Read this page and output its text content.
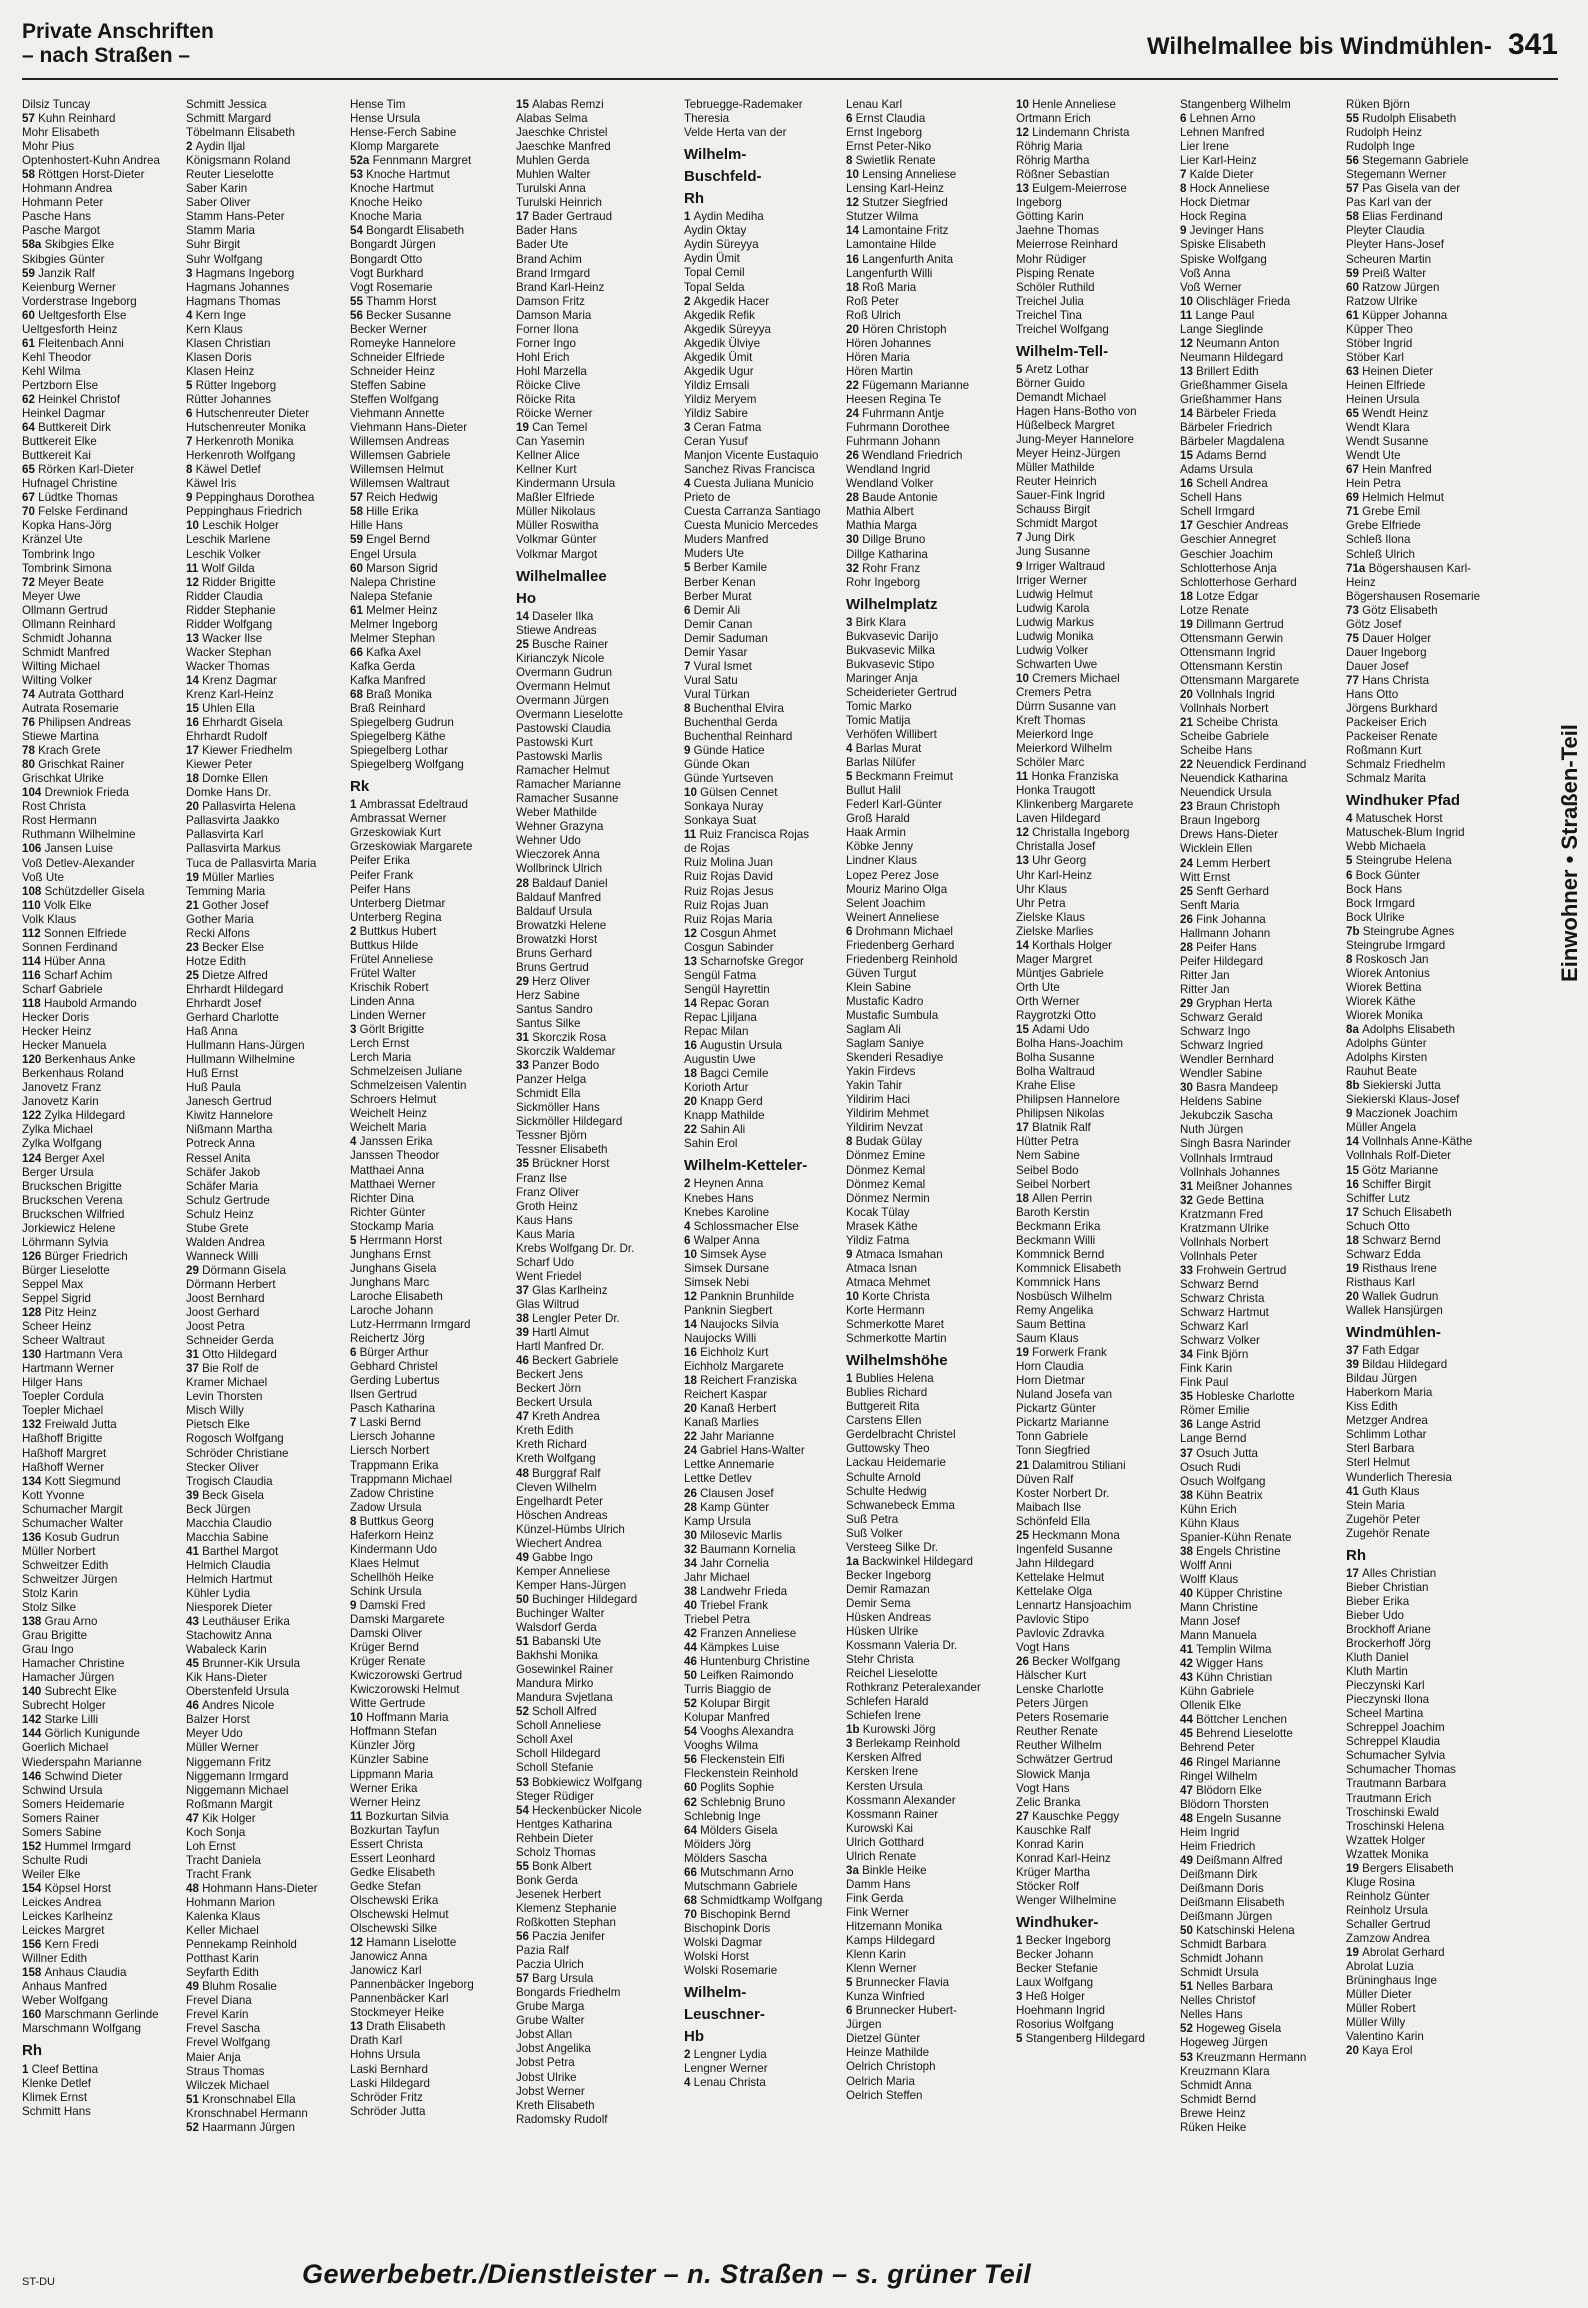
Private Anschriften
– nach Straßen –	Wilhelmallee bis Windmühlen- 341
Dilsiz Tuncay
57 Kuhn Reinhard
Mohr Elisabeth
Mohr Pius
Optenhostert-Kuhn Andrea
58 Röttgen Horst-Dieter
Hohmann Andrea
Hohmann Peter
Pasche Hans
Pasche Margot
58a Skibgies Elke
Skibgies Günter
59 Janzik Ralf
Keienburg Werner
Vorderstrase Ingeborg
60 Ueltgesforth Else
Ueltgesforth Heinz
61 Fleitenbach Anni
Kehl Theodor
Kehl Wilma
Pertzborn Else
62 Heinkel Christof
Heinkel Dagmar
64 Buttkereit Dirk
Buttkereit Elke
Buttkereit Kai
65 Rörken Karl-Dieter
Hufnagel Christine
67 Lüdtke Thomas
70 Felske Ferdinand
Kopka Hans-Jörg
Kränzel Ute
Tombrink Ingo
Tombrink Simona
72 Meyer Beate
Meyer Uwe
Ollmann Gertrud
Ollmann Reinhard
Schmidt Johanna
Schmidt Manfred
Wilting Michael
Wilting Volker
74 Autrata Gotthard
Autrata Rosemarie
76 Philipsen Andreas
Stiewe Martina
78 Krach Grete
80 Grischkat Rainer
Grischkat Ulrike
104 Drewniok Frieda
Rost Christa
Rost Hermann
Ruthmann Wilhelmine
106 Jansen Luise
Voß Detlev-Alexander
Voß Ute
108 Schützdeller Gisela
110 Volk Elke
Volk Klaus
112 Sonnen Elfriede
Sonnen Ferdinand
114 Hüber Anna
116 Scharf Achim
Scharf Gabriele
118 Haubold Armando
Hecker Doris
Hecker Heinz
Hecker Manuela
120 Berkenhaus Anke
Berkenhaus Roland
Janovetz Franz
Janovetz Karin
122 Zylka Hildegard
Zylka Michael
Zylka Wolfgang
124 Berger Axel
Berger Ursula
Bruckschen Brigitte
Bruckschen Verena
Bruckschen Wilfried
Jorkiewicz Helene
Löhrmann Sylvia
126 Bürger Friedrich
Bürger Lieselotte
Seppel Max
Seppel Sigrid
128 Pitz Heinz
Scheer Heinz
Scheer Waltraut
130 Hartmann Vera
Hartmann Werner
Hilger Hans
Toepler Cordula
Toepler Michael
132 Freiwald Jutta
Haßhoff Brigitte
Haßhoff Margret
Haßhoff Werner
134 Kott Siegmund
Kott Yvonne
Schumacher Margit
Schumacher Walter
136 Kosub Gudrun
Müller Norbert
Schweitzer Edith
Schweitzer Jürgen
Stolz Karin
Stolz Silke
138 Grau Arno
Grau Brigitte
Grau Ingo
Hamacher Christine
Hamacher Jürgen
140 Subrecht Elke
Subrecht Holger
142 Starke Lilli
144 Görlich Kunigunde
Goerlich Michael
Wiederspahn Marianne
146 Schwind Dieter
Schwind Ursula
Somers Heidemarie
Somers Rainer
Somers Sabine
152 Hummel Irmgard
Schulte Rudi
Weiler Elke
154 Köpsel Horst
Leickes Andrea
Leickes Karlheinz
Leickes Margret
156 Kern Fredi
Willner Edith
158 Anhaus Claudia
Anhaus Manfred
Weber Wolfgang
160 Marschmann Gerlinde
Marschmann Wolfgang
Rh
1 Cleef Bettina
Klenke Detlef
Klimek Ernst
Schmitt Hans
Schmitt Jessica
Schmitt Margard
Töbelmann Elisabeth
2 Aydin Iljal
Königsmann Roland
Reuter Lieselotte
Saber Karin
Saber Oliver
Stamm Hans-Peter
Stamm Maria
Suhr Birgit
Suhr Wolfgang
3 Hagmans Ingeborg
Hagmans Johannes
Hagmans Thomas
4 Kern Inge
Kern Klaus
Klasen Christian
Klasen Doris
Klasen Heinz
5 Rütter Ingeborg
Rütter Johannes
6 Hutschenreuter Dieter
Hutschenreuter Monika
7 Herkenroth Monika
Herkenroth Wolfgang
8 Käwel Detlef
Käwel Iris
9 Peppinghaus Dorothea
Peppinghaus Friedrich
10 Leschik Holger
Leschik Marlene
Leschik Volker
11 Wolf Gilda
12 Ridder Brigitte
Ridder Claudia
Ridder Stephanie
Ridder Wolfgang
13 Wacker Ilse
Wacker Stephan
Wacker Thomas
14 Krenz Dagmar
Krenz Karl-Heinz
15 Uhlen Ella
16 Ehrhardt Gisela
Ehrhardt Rudolf
17 Kiewer Friedhelm
Kiewer Peter
18 Domke Ellen
Domke Hans Dr.
20 Pallasvirta Helena
Pallasvirta Jaakko
Pallasvirta Karl
Pallasvirta Markus
Tuca de Pallasvirta Maria
19 Müller Marlies
Temming Maria
21 Gother Josef
Gother Maria
Recki Alfons
23 Becker Else
Hotze Edith
25 Dietze Alfred
Ehrhardt Hildegard
Ehrhardt Josef
Gerhard Charlotte
Haß Anna
Hullmann Hans-Jürgen
Hullmann Wilhelmine
Huß Ernst
Huß Paula
Janesch Gertrud
Kiwitz Hannelore
Nißmann Martha
Potreck Anna
Ressel Anita
Schäfer Jakob
Schäfer Maria
Schulz Gertrude
Schulz Heinz
Stube Grete
Walden Andrea
Wanneck Willi
29 Dörmann Gisela
Dörmann Herbert
Joost Bernhard
Joost Gerhard
Joost Petra
Schneider Gerda
31 Otto Hildegard
37 Bie Rolf de
Kramer Michael
Levin Thorsten
Misch Willy
Pietsch Elke
Rogosch Wolfgang
Schröder Christiane
Stecker Oliver
Trogisch Claudia
39 Beck Gisela
Beck Jürgen
Macchia Claudio
Macchia Sabine
41 Barthel Margot
Helmich Claudia
Helmich Hartmut
Kühler Lydia
Niesporek Dieter
43 Leuthäuser Erika
Stachowitz Anna
Wabaleck Karin
45 Brunner-Kik Ursula
Kik Hans-Dieter
Oberstenfeld Ursula
46 Andres Nicole
Balzer Horst
Meyer Udo
Müller Werner
Niggemann Fritz
Niggemann Irmgard
Niggemann Michael
Roßmann Margit
47 Kik Holger
Koch Sonja
Loh Ernst
Tracht Daniela
Tracht Frank
48 Hohmann Hans-Dieter
Hohmann Marion
Kalenka Klaus
Keller Michael
Pennekamp Reinhold
Potthast Karin
Seyfarth Edith
49 Bluhm Rosalie
Frevel Diana
Frevel Karin
Frevel Sascha
Frevel Wolfgang
Maier Anja
Straus Thomas
Wilczek Michael
51 Kronschnabel Ella
Kronschnabel Hermann
52 Haarmann Jürgen
Hense Tim
Hense Ursula
Hense-Ferch Sabine
Klomp Margarete
52a Fennmann Margret
53 Knoche Hartmut
Knoche Hartmut
Knoche Heiko
Knoche Maria
54 Bongardt Elisabeth
Bongardt Jürgen
Bongardt Otto
Vogt Burkhard
Vogt Rosemarie
55 Thamm Horst
56 Becker Susanne
Becker Werner
Romeyke Hannelore
Schneider Elfriede
Schneider Heinz
Steffen Sabine
Steffen Wolfgang
Viehmann Annette
Viehmann Hans-Dieter
Willemsen Andreas
Willemsen Gabriele
Willemsen Helmut
Willemsen Waltraut
57 Reich Hedwig
58 Hille Erika
Hille Hans
59 Engel Bernd
Engel Ursula
60 Marson Sigrid
Nalepa Christine
Nalepa Stefanie
61 Melmer Heinz
Melmer Ingeborg
Melmer Stephan
66 Kafka Axel
Kafka Gerda
Kafka Manfred
68 Braß Monika
Braß Reinhard
Spiegelberg Gudrun
Spiegelberg Käthe
Spiegelberg Lothar
Spiegelberg Wolfgang
Rk
1 Ambrassat Edeltraud
Ambrassat Werner
Grzeskowiak Kurt
Grzeskowiak Margarete
Peifer Erika
Peifer Frank
Peifer Hans
Unterberg Dietmar
Unterberg Regina
2 Buttkus Hubert
Buttkus Hilde
Frütel Anneliese
Frütel Walter
Krischik Robert
Linden Anna
Linden Werner
3 Görlt Brigitte
Lerch Ernst
Lerch Maria
Schmelzeisen Juliane
Schmelzeisen Valentin
Schroers Helmut
Weichelt Heinz
Weichelt Maria
4 Janssen Erika
Janssen Theodor
Matthaei Anna
Matthaei Werner
Richter Dina
Richter Günter
Stockamp Maria
5 Herrmann Horst
Junghans Ernst
Junghans Gisela
Junghans Marc
Laroche Elisabeth
Laroche Johann
Lutz-Herrmann Irmgard
Reichertz Jörg
6 Bürger Arthur
Gebhard Christel
Gerding Lubertus
Ilsen Gertrud
Pasch Katharina
7 Laski Bernd
Liersch Johanne
Liersch Norbert
Trappmann Erika
Trappmann Michael
Zadow Christine
Zadow Ursula
8 Buttkus Georg
Haferkorn Heinz
Kindermann Udo
Klaes Helmut
Schellhöh Heike
Schink Ursula
9 Damski Fred
Damski Margarete
Damski Oliver
Krüger Bernd
Krüger Renate
Kwiczorowski Gertrud
Kwiczorowski Helmut
Witte Gertrude
10 Hoffmann Maria
Hoffmann Stefan
Künzler Jörg
Künzler Sabine
Lippmann Maria
Werner Erika
Werner Heinz
11 Bozkurtan Silvia
Bozkurtan Tayfun
Essert Christa
Essert Leonhard
Gedke Elisabeth
Gedke Stefan
Olschewski Erika
Olschewski Helmut
Olschewski Silke
12 Hamann Liselotte
Janowicz Anna
Janowicz Karl
Pannenbäcker Ingeborg
Pannenbäcker Karl
Stockmeyer Heike
13 Drath Elisabeth
Drath Karl
Hohns Ursula
Laski Bernhard
Laski Hildegard
Schröder Fritz
Schröder Jutta
15 Alabas Remzi
Alabas Selma
Jaeschke Christel
Jaeschke Manfred
Muhlen Gerda
Muhlen Walter
Turulski Anna
Turulski Heinrich
17 Bader Gertraud
Bader Hans
Bader Ute
Brand Achim
Brand Irmgard
Brand Karl-Heinz
Damson Fritz
Damson Maria
Forner Ilona
Forner Ingo
Hohl Erich
Hohl Marzella
Röicke Clive
Röicke Rita
Röicke Werner
19 Can Temel
Can Yasemin
Kellner Alice
Kellner Kurt
Kindermann Ursula
Maßler Elfriede
Müller Nikolaus
Müller Roswitha
Volkmar Günter
Volkmar Margot
Wilhelmallee
Ho
14 Daseler Ilka
Stiewe Andreas
25 Busche Rainer
Kirianczyk Nicole
Overmann Gudrun
Overmann Helmut
Overmann Jürgen
Overmann Lieselotte
Pastowski Claudia
Pastowski Kurt
Pastowski Marlis
Ramacher Helmut
Ramacher Marianne
Ramacher Susanne
Weber Mathilde
Wehner Grazyna
Wehner Udo
Wieczorek Anna
Wollbrinck Ulrich
28 Baldauf Daniel
Baldauf Manfred
Baldauf Ursula
Browatzki Helene
Browatzki Horst
Bruns Gerhard
Bruns Gertrud
29 Herz Oliver
Herz Sabine
Santus Sandro
Santus Silke
31 Skorczik Rosa
Skorczik Waldemar
33 Panzer Bodo
Panzer Helga
Schmidt Ella
Sickmöller Hans
Sickmöller Hildegard
Tessner Björn
Tessner Elisabeth
35 Brückner Horst
Franz Ilse
Franz Oliver
Groth Heinz
Kaus Hans
Kaus Maria
Krebs Wolfgang Dr. Dr.
Scharf Udo
Went Friedel
37 Glas Karlheinz
Glas Wiltrud
38 Lengler Peter Dr.
39 Hartl Almut
Hartl Manfred Dr.
46 Beckert Gabriele
Beckert Jens
Beckert Jörn
Beckert Ursula
47 Kreth Andrea
Kreth Edith
Kreth Richard
Kreth Wolfgang
48 Burggraf Ralf
Cleven Wilhelm
Engelhardt Peter
Höschen Andreas
Künzel-Hümbs Ulrich
Wiechert Andrea
49 Gabbe Ingo
Kemper Anneliese
Kemper Hans-Jürgen
50 Buchinger Hildegard
Buchinger Walter
Walsdorf Gerda
51 Babanski Ute
Bakhshi Monika
Gosewinkel Rainer
Mandura Mirko
Mandura Svjetlana
52 Scholl Alfred
Scholl Anneliese
Scholl Axel
Scholl Hildegard
Scholl Stefanie
53 Bobkiewicz Wolfgang
Steger Rüdiger
54 Heckenbücker Nicole
Hentges Katharina
Rehbein Dieter
Scholz Thomas
55 Bonk Albert
Bonk Gerda
Jesenek Herbert
Klemenz Stephanie
Roßkotten Stephan
56 Paczia Jenifer
Pazia Ralf
Paczia Ulrich
57 Barg Ursula
Bongards Friedhelm
Grube Marga
Grube Walter
Jobst Allan
Jobst Angelika
Jobst Petra
Jobst Ulrike
Jobst Werner
Kreth Elisabeth
Radomsky Rudolf
Tebruegge-Rademaker
Theresia
Velde Herta van der
Wilhelm-
Buschfeld-
Rh
1 Aydin Mediha
Aydin Oktay
Aydin Süreyya
Aydin Ümit
Topal Cemil
Topal Selda
2 Akgedik Hacer
Akgedik Refik
Akgedik Süreyya
Akgedik Ülviye
Akgedik Ümit
Akgedik Ugur
Yildiz Emsali
Yildiz Meryem
Yildiz Sabire
3 Ceran Fatma
Ceran Yusuf
Manjon Vicente Eustaquio
Sanchez Rivas Francisca
4 Cuesta Juliana Municio
Prieto de
Cuesta Carranza Santiago
Cuesta Municio Mercedes
Muders Manfred
Muders Ute
5 Berber Kamile
Berber Kenan
Berber Murat
6 Demir Ali
Demir Canan
Demir Saduman
Demir Yasar
7 Vural Ismet
Vural Satu
Vural Türkan
8 Buchenthal Elvira
Buchenthal Gerda
Buchenthal Reinhard
9 Günde Hatice
Günde Okan
Günde Yurtseven
10 Gülsen Cennet
Sonkaya Nuray
Sonkaya Suat
11 Ruiz Francisca Rojas
de Rojas
Ruiz Molina Juan
Ruiz Rojas David
Ruiz Rojas Jesus
Ruiz Rojas Juan
Ruiz Rojas Maria
12 Cosgun Ahmet
Cosgun Sabinder
13 Scharnofske Gregor
Sengül Fatma
Sengül Hayrettin
14 Repac Goran
Repac Ljiljana
Repac Milan
16 Augustin Ursula
Augustin Uwe
18 Bagci Cemile
Korioth Artur
20 Knapp Gerd
Knapp Mathilde
22 Sahin Ali
Sahin Erol
Wilhelm-Ketteler-
2 Heynen Anna
Knebes Hans
Knebes Karoline
4 Schlossmacher Else
6 Walper Anna
10 Simsek Ayse
Simsek Dursane
Simsek Nebi
12 Panknin Brunhilde
Panknin Siegbert
14 Naujocks Silvia
Naujocks Willi
16 Eichholz Kurt
Eichholz Margarete
18 Reichert Franziska
Reichert Kaspar
20 Kanaß Herbert
Kanaß Marlies
22 Jahr Marianne
24 Gabriel Hans-Walter
Lettke Annemarie
Lettke Detlev
26 Clausen Josef
28 Kamp Günter
Kamp Ursula
30 Milosevic Marlis
32 Baumann Kornelia
34 Jahr Cornelia
Jahr Michael
38 Landwehr Frieda
40 Triebel Frank
Triebel Petra
42 Franzen Anneliese
44 Kämpkes Luise
46 Huntenburg Christine
50 Leifken Raimondo
Turris Biaggio de
52 Kolupar Birgit
Kolupar Manfred
54 Vooghs Alexandra
Vooghs Wilma
56 Fleckenstein Elfi
Fleckenstein Reinhold
60 Poglits Sophie
62 Schlebnig Bruno
Schlebnig Inge
64 Mölders Gisela
Mölders Jörg
Mölders Sascha
66 Mutschmann Arno
Mutschmann Gabriele
68 Schmidtkamp Wolfgang
70 Bischopink Bernd
Bischopink Doris
Wolski Dagmar
Wolski Horst
Wolski Rosemarie
Wilhelm-
Leuschner-
Hb
2 Lengner Lydia
Lengner Werner
4 Lenau Christa
Lenau Karl
6 Ernst Claudia
Ernst Ingeborg
Ernst Peter-Niko
8 Swietlik Renate
10 Lensing Anneliese
Lensing Karl-Heinz
12 Stutzer Siegfried
Stutzer Wilma
14 Lamontaine Fritz
Lamontaine Hilde
16 Langenfurth Anita
Langenfurth Willi
18 Roß Maria
Roß Peter
Roß Ulrich
20 Hören Christoph
Hören Johannes
Hören Maria
Hören Martin
22 Fügemann Marianne
Heesen Regina Te
24 Fuhrmann Antje
Fuhrmann Dorothee
Fuhrmann Johann
26 Wendland Friedrich
Wendland Ingrid
Wendland Volker
28 Baude Antonie
Mathia Albert
Mathia Marga
30 Dillge Bruno
Dillge Katharina
32 Rohr Franz
Rohr Ingeborg
Wilhelmplatz
3 Birk Klara
Bukvasevic Darijo
Bukvasevic Milka
Bukvasevic Stipo
Maringer Anja
Scheiderieter Gertrud
Tomic Marko
Tomic Matija
Verhöfen Willibert
4 Barlas Murat
Barlas Nilüfer
5 Beckmann Freimut
Bullut Halil
Federl Karl-Günter
Groß Harald
Haak Armin
Köbke Jenny
Lindner Klaus
Lopez Perez Jose
Mouriz Marino Olga
Selent Joachim
Weinert Anneliese
6 Drohmann Michael
Friedenberg Gerhard
Friedenberg Reinhold
Güven Turgut
Klein Sabine
Mustafic Kadro
Mustafic Sumbula
Saglam Ali
Saglam Saniye
Skenderi Resadiye
Yakin Firdevs
Yakin Tahir
Yildirim Haci
Yildirim Mehmet
Yildirim Nevzat
8 Budak Gülay
Dönmez Emine
Dönmez Kemal
Dönmez Kemal
Dönmez Nermin
Kocak Tülay
Mrasek Käthe
Yildiz Fatma
9 Atmaca Ismahan
Atmaca Isnan
Atmaca Mehmet
10 Korte Christa
Korte Hermann
Schmerkotte Maret
Schmerkotte Martin
Wilhelmshöhe
1 Bublies Helena
Bublies Richard
Buttgereit Rita
Carstens Ellen
Gerdelbracht Christel
Guttowsky Theo
Lackau Heidemarie
Schulte Arnold
Schulte Hedwig
Schwanebeck Emma
Suß Petra
Suß Volker
Versteeg Silke Dr.
1a Backwinkel Hildegard
Becker Ingeborg
Demir Ramazan
Demir Sema
Hüsken Andreas
Hüsken Ulrike
Kossmann Valeria Dr.
Stehr Christa
Reichel Lieselotte
Rothkranz Peteralexander
Schlefen Harald
Schiefen Irene
1b Kurowski Jörg
3 Berlekamp Reinhold
Kersken Alfred
Kersken Irene
Kersten Ursula
Kossmann Alexander
Kossmann Rainer
Kurowski Kai
Ulrich Gotthard
Ulrich Renate
3a Binkle Heike
Damm Hans
Fink Gerda
Fink Werner
Hitzemann Monika
Kamps Hildegard
Klenn Karin
Klenn Werner
5 Brunnecker Flavia
Kunza Winfried
6 Brunnecker Hubert-
Jürgen
Dietzel Günter
Heinze Mathilde
Oelrich Christoph
Oelrich Maria
Oelrich Steffen
10 Henle Anneliese
Ortmann Erich
12 Lindemann Christa
Röhrig Maria
Röhrig Martha
Rößner Sebastian
13 Eulgem-Meierrose
Ingeborg
Götting Karin
Jaehne Thomas
Meierrose Reinhard
Mohr Rüdiger
Pisping Renate
Schöler Ruthild
Treichel Julia
Treichel Tina
Treichel Wolfgang
Wilhelm-Tell-
5 Aretz Lothar
Börner Guido
Demandt Michael
Hagen Hans-Botho von
Hüßelbeck Margret
Jung-Meyer Hannelore
Meyer Heinz-Jürgen
Müller Mathilde
Reuter Heinrich
Sauer-Fink Ingrid
Schauss Birgit
Schmidt Margot
7 Jung Dirk
Jung Susanne
9 Irriger Waltraud
Irriger Werner
Ludwig Helmut
Ludwig Karola
Ludwig Markus
Ludwig Monika
Ludwig Volker
Schwarten Uwe
10 Cremers Michael
Cremers Petra
Dürrn Susanne van
Kreft Thomas
Meierkord Inge
Meierkord Wilhelm
Schöler Marc
11 Honka Franziska
Honka Traugott
Klinkenberg Margarete
Laven Hildegard
12 Christalla Ingeborg
Christalla Josef
13 Uhr Georg
Uhr Karl-Heinz
Uhr Klaus
Uhr Petra
Zielske Klaus
Zielske Marlies
14 Korthals Holger
Mager Margret
Müntjes Gabriele
Orth Ute
Orth Werner
Raygrotzki Otto
15 Adami Udo
Bolha Hans-Joachim
Bolha Susanne
Bolha Waltraud
Krahe Elise
Philipsen Hannelore
Philipsen Nikolas
17 Blatnik Ralf
Hütter Petra
Nem Sabine
Seibel Bodo
Seibel Norbert
18 Allen Perrin
Baroth Kerstin
Beckmann Erika
Beckmann Willi
Kommnick Bernd
Kommnick Elisabeth
Kommnick Hans
Nosbüsch Wilhelm
Remy Angelika
Saum Bettina
Saum Klaus
19 Forwerk Frank
Horn Claudia
Horn Dietmar
Nuland Josefa van
Pickartz Günter
Pickartz Marianne
Tonn Gabriele
Tonn Siegfried
21 Dalamitrou Stiliani
Düven Ralf
Koster Norbert Dr.
Maibach Ilse
Schönfeld Ella
25 Heckmann Mona
Ingenfeld Susanne
Jahn Hildegard
Kettelake Helmut
Kettelake Olga
Lennartz Hansjoachim
Pavlovic Stipo
Pavlovic Zdravka
Vogt Hans
26 Becker Wolfgang
Hälscher Kurt
Lenske Charlotte
Peters Jürgen
Peters Rosemarie
Reuther Renate
Reuther Wilhelm
Schwätzer Gertrud
Slowick Manja
Vogt Hans
Zelic Branka
27 Kauschke Peggy
Kauschke Ralf
Konrad Karin
Konrad Karl-Heinz
Krüger Martha
Stöcker Rolf
Wenger Wilhelmine
Windhuker-
1 Becker Ingeborg
Becker Johann
Becker Stefanie
Laux Wolfgang
3 Heß Holger
Hoehmann Ingrid
Rosorius Wolfgang
5 Stangenberg Hildegard
Stangenberg Wilhelm
6 Lehnen Arno
Lehnen Manfred
Lier Irene
Lier Karl-Heinz
7 Kalde Dieter
8 Hock Anneliese
Hock Dietmar
Hock Regina
9 Jevinger Hans
Spiske Elisabeth
Spiske Wolfgang
Voß Anna
Voß Werner
10 Olischläger Frieda
11 Lange Paul
Lange Sieglinde
12 Neumann Anton
Neumann Hildegard
13 Brillert Edith
Grießhammer Gisela
Grießhammer Hans
14 Bärbeler Frieda
Bärbeler Friedrich
Bärbeler Magdalena
15 Adams Bernd
Adams Ursula
16 Schell Andrea
Schell Hans
Schell Irmgard
17 Geschier Andreas
Geschier Annegret
Geschier Joachim
Schlotterhose Anja
Schlotterhose Gerhard
18 Lotze Edgar
Lotze Renate
19 Dillmann Gertrud
Ottensmann Gerwin
Ottensmann Ingrid
Ottensmann Kerstin
Ottensmann Margarete
20 Vollnhals Ingrid
Vollnhals Norbert
21 Scheibe Christa
Scheibe Gabriele
Scheibe Hans
22 Neuendick Ferdinand
Neuendick Katharina
Neuendick Ursula
23 Braun Christoph
Braun Ingeborg
Drews Hans-Dieter
Wicklein Ellen
24 Lemm Herbert
Witt Ernst
25 Senft Gerhard
Senft Maria
26 Fink Johanna
Hallmann Johann
28 Peifer Hans
Peifer Hildegard
Ritter Jan
Ritter Jan
29 Gryphan Herta
Schwarz Gerald
Schwarz Ingo
Schwarz Ingried
Wendler Bernhard
Wendler Sabine
30 Basra Mandeep
Heldens Sabine
Jekubczik Sascha
Nuth Jürgen
Singh Basra Narinder
Vollnhals Irmtraud
Vollnhals Johannes
31 Meißner Johannes
32 Gede Bettina
Kratzmann Fred
Kratzmann Ulrike
Vollnhals Norbert
Vollnhals Peter
33 Frohwein Gertrud
Schwarz Bernd
Schwarz Christa
Schwarz Hartmut
Schwarz Karl
Schwarz Volker
34 Fink Björn
Fink Karin
Fink Paul
35 Hobleske Charlotte
Römer Emilie
36 Lange Astrid
Lange Bernd
37 Osuch Jutta
Osuch Rudi
Osuch Wolfgang
38 Kühn Beatrix
Kühn Erich
Kühn Klaus
Spanier-Kühn Renate
38 Engels Christine
Wolff Anni
Wolff Klaus
40 Küpper Christine
Mann Christine
Mann Josef
Mann Manuela
41 Templin Wilma
42 Wigger Hans
43 Kühn Christian
Kühn Gabriele
Ollenik Elke
44 Böttcher Lenchen
45 Behrend Lieselotte
Behrend Peter
46 Ringel Marianne
Ringel Wilhelm
47 Blödorn Elke
Blödorn Thorsten
48 Engeln Susanne
Heim Ingrid
Heim Friedrich
49 Deißmann Alfred
Deißmann Dirk
Deißmann Doris
Deißmann Elisabeth
Deißmann Jürgen
50 Katschinski Helena
Schmidt Barbara
Schmidt Johann
Schmidt Ursula
51 Nelles Barbara
Nelles Christof
Nelles Hans
52 Hogeweg Gisela
Hogeweg Jürgen
53 Kreuzmann Hermann
Kreuzmann Klara
Schmidt Anna
Schmidt Bernd
Brewe Heinz
Rüken Heike
Rüken Björn
55 Rudolph Elisabeth
Rudolph Heinz
Rudolph Inge
56 Stegemann Gabriele
Stegemann Werner
57 Pas Gisela van der
Pas Karl van der
58 Elias Ferdinand
Pleyter Claudia
Pleyter Hans-Josef
Scheuren Martin
59 Preiß Walter
60 Ratzow Jürgen
Ratzow Ulrike
61 Küpper Johanna
Küpper Theo
Stöber Ingrid
Stöber Karl
63 Heinen Dieter
Heinen Elfriede
Heinen Ursula
65 Wendt Heinz
Wendt Klara
Wendt Susanne
Wendt Ute
67 Hein Manfred
Hein Petra
69 Helmich Helmut
71 Grebe Emil
Grebe Elfriede
Schleß Ilona
Schleß Ulrich
71a Bögershausen Karl-
Heinz
Bögershausen Rosemarie
73 Götz Elisabeth
Götz Josef
75 Dauer Holger
Dauer Ingeborg
Dauer Josef
77 Hans Christa
Hans Otto
Jörgens Burkhard
Packeiser Erich
Packeiser Renate
Roßmann Kurt
Schmalz Friedhelm
Schmalz Marita
Windhuker Pfad
4 Matuschek Horst
Matuschek-Blum Ingrid
Webb Michaela
5 Steingrube Helena
6 Bock Günter
Bock Hans
Bock Irmgard
Bock Ulrike
7b Steingrube Agnes
Steingrube Irmgard
8 Roskosch Jan
Wiorek Antonius
Wiorek Bettina
Wiorek Käthe
Wiorek Monika
8a Adolphs Elisabeth
Adolphs Günter
Adolphs Kirsten
Rauhut Beate
8b Siekierski Jutta
Siekierski Klaus-Josef
9 Maczionek Joachim
Müller Angela
14 Vollnhals Anne-Käthe
Vollnhals Rolf-Dieter
15 Götz Marianne
16 Schiffer Birgit
Schiffer Lutz
17 Schuch Elisabeth
Schuch Otto
18 Schwarz Bernd
Schwarz Edda
19 Risthaus Irene
Risthaus Karl
20 Wallek Gudrun
Wallek Hansjürgen
Windmühlen-
37 Fath Edgar
39 Bildau Hildegard
Bildau Jürgen
Haberkorn Maria
Kiss Edith
Metzger Andrea
Schlimm Lothar
Sterl Barbara
Sterl Helmut
Wunderlich Theresia
41 Guth Klaus
Stein Maria
Zugehör Peter
Zugehör Renate
Rh
17 Alles Christian
Bieber Christian
Bieber Erika
Bieber Udo
Brockhoff Ariane
Brockerhoff Jörg
Kluth Daniel
Kluth Martin
Pieczynski Karl
Pieczynski Ilona
Scheel Martina
Schreppel Joachim
Schreppel Klaudia
Schumacher Sylvia
Schumacher Thomas
Trautmann Barbara
Trautmann Erich
Troschinski Ewald
Troschinski Helena
Wzattek Holger
Wzattek Monika
19 Bergers Elisabeth
Kluge Rosina
Reinholz Günter
Reinholz Ursula
Schaller Gertrud
Zamzow Andrea
19 Abrolat Gerhard
Abrolat Luzia
Brüninghaus Inge
Müller Dieter
Müller Robert
Müller Willy
Valentino Karin
20 Kaya Erol
Einwohner • Straßen-Teil
ST-DU	Gewerbebetr./Dienstleister – n. Straßen – s. grüner Teil
